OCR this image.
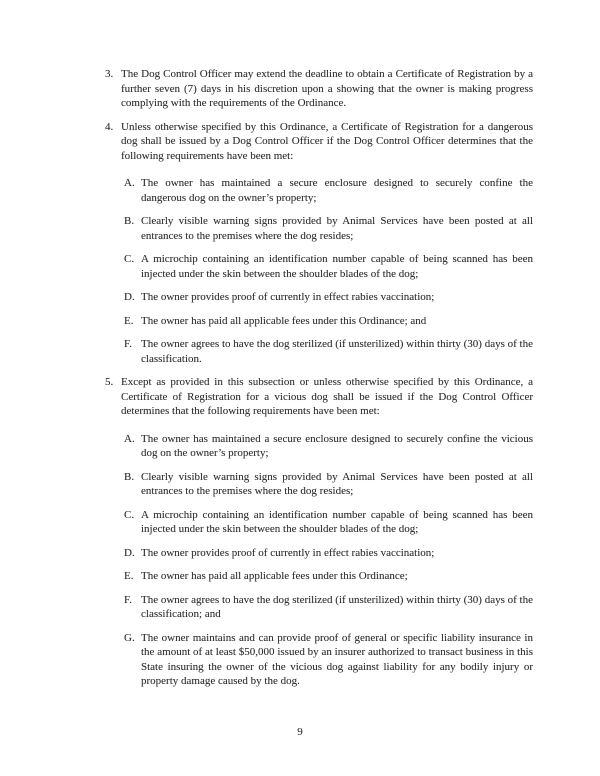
3. The Dog Control Officer may extend the deadline to obtain a Certificate of Registration by a further seven (7) days in his discretion upon a showing that the owner is making progress complying with the requirements of the Ordinance.
4. Unless otherwise specified by this Ordinance, a Certificate of Registration for a dangerous dog shall be issued by a Dog Control Officer if the Dog Control Officer determines that the following requirements have been met:
A. The owner has maintained a secure enclosure designed to securely confine the dangerous dog on the owner’s property;
B. Clearly visible warning signs provided by Animal Services have been posted at all entrances to the premises where the dog resides;
C. A microchip containing an identification number capable of being scanned has been injected under the skin between the shoulder blades of the dog;
D. The owner provides proof of currently in effect rabies vaccination;
E. The owner has paid all applicable fees under this Ordinance; and
F. The owner agrees to have the dog sterilized (if unsterilized) within thirty (30) days of the classification.
5. Except as provided in this subsection or unless otherwise specified by this Ordinance, a Certificate of Registration for a vicious dog shall be issued if the Dog Control Officer determines that the following requirements have been met:
A. The owner has maintained a secure enclosure designed to securely confine the vicious dog on the owner’s property;
B. Clearly visible warning signs provided by Animal Services have been posted at all entrances to the premises where the dog resides;
C. A microchip containing an identification number capable of being scanned has been injected under the skin between the shoulder blades of the dog;
D. The owner provides proof of currently in effect rabies vaccination;
E. The owner has paid all applicable fees under this Ordinance;
F. The owner agrees to have the dog sterilized (if unsterilized) within thirty (30) days of the classification; and
G. The owner maintains and can provide proof of general or specific liability insurance in the amount of at least $50,000 issued by an insurer authorized to transact business in this State insuring the owner of the vicious dog against liability for any bodily injury or property damage caused by the dog.
9
